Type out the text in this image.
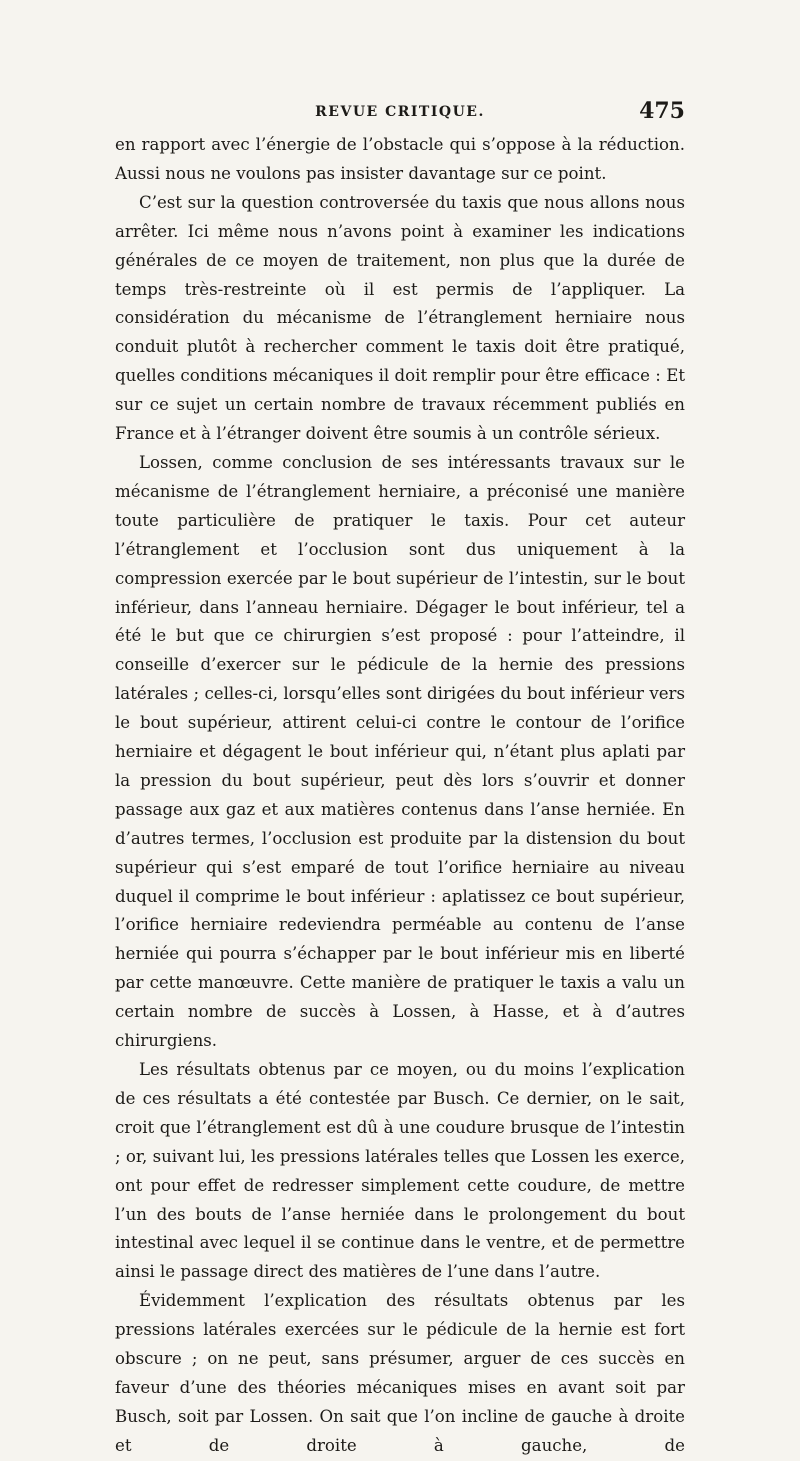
REVUE CRITIQUE.	475

en rapport avec l’énergie de l’obstacle qui s’oppose à la réduction. Aussi nous ne voulons pas insister davantage sur ce point.

C’est sur la question controversée du taxis que nous allons nous arrêter. Ici même nous n’avons point à examiner les indications générales de ce moyen de traitement, non plus que la durée de temps très-restreinte où il est permis de l’appliquer. La considération du mécanisme de l’étranglement herniaire nous conduit plutôt à rechercher comment le taxis doit être pratiqué, quelles conditions mécaniques il doit remplir pour être efficace : Et sur ce sujet un certain nombre de travaux récemment publiés en France et à l’étranger doivent être soumis à un contrôle sérieux.

Lossen, comme conclusion de ses intéressants travaux sur le mécanisme de l’étranglement herniaire, a préconisé une manière toute particulière de pratiquer le taxis. Pour cet auteur l’étranglement et l’occlusion sont dus uniquement à la compression exercée par le bout supérieur de l’intestin, sur le bout inférieur, dans l’anneau herniaire. Dégager le bout inférieur, tel a été le but que ce chirurgien s’est proposé : pour l’atteindre, il conseille d’exercer sur le pédicule de la hernie des pressions latérales ; celles-ci, lorsqu’elles sont dirigées du bout inférieur vers le bout supérieur, attirent celui-ci contre le contour de l’orifice herniaire et dégagent le bout inférieur qui, n’étant plus aplati par la pression du bout supérieur, peut dès lors s’ouvrir et donner passage aux gaz et aux matières contenus dans l’anse herniée. En d’autres termes, l’occlusion est produite par la distension du bout supérieur qui s’est emparé de tout l’orifice herniaire au niveau duquel il comprime le bout inférieur : aplatissez ce bout supérieur, l’orifice herniaire redeviendra perméable au contenu de l’anse herniée qui pourra s’échapper par le bout inférieur mis en liberté par cette manœuvre. Cette manière de pratiquer le taxis a valu un certain nombre de succès à Lossen, à Hasse, et à d’autres chirurgiens.

Les résultats obtenus par ce moyen, ou du moins l’explication de ces résultats a été contestée par Busch. Ce dernier, on le sait, croit que l’étranglement est dû à une coudure brusque de l’intestin ; or, suivant lui, les pressions latérales telles que Lossen les exerce, ont pour effet de redresser simplement cette coudure, de mettre l’un des bouts de l’anse herniée dans le prolongement du bout intestinal avec lequel il se continue dans le ventre, et de permettre ainsi le passage direct des matières de l’une dans l’autre.

Évidemment l’explication des résultats obtenus par les pressions latérales exercées sur le pédicule de la hernie est fort obscure ; on ne peut, sans présumer, arguer de ces succès en faveur d’une des théories mécaniques mises en avant soit par Busch, soit par Lossen. On sait que l’on incline de gauche à droite et de droite à gauche, de
